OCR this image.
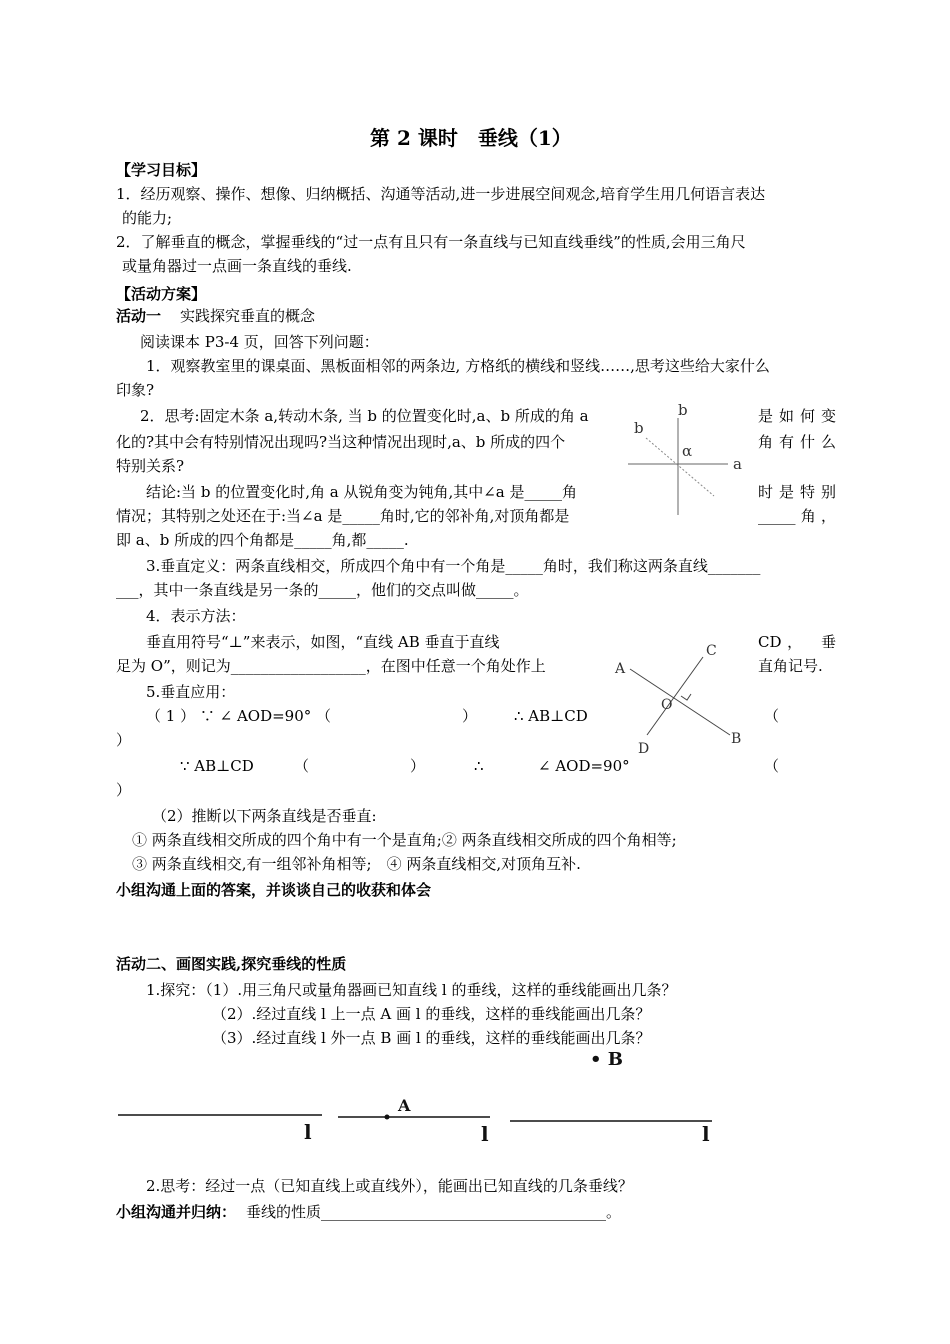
第 2 课时　垂线（1）
【学习目标】
1．经历观察、操作、想像、归纳概括、沟通等活动,进一步进展空间观念,培育学生用几何语言表达
的能力;
2．了解垂直的概念，掌握垂线的“过一点有且只有一条直线与已知直线垂线”的性质,会用三角尺
或量角器过一点画一条直线的垂线.
【活动方案】
活动一 实践探究垂直的概念
阅读课本 P3-4 页，回答下列问题：
1．观察教室里的课桌面、黑板面相邻的两条边, 方格纸的横线和竖线……,思考这些给大家什么
印象?
2．思考:固定木条 a,转动木条, 当 b 的位置变化时,a、b 所成的角 a
化的?其中会有特别情况出现吗?当这种情况出现时,a、b 所成的四个
特别关系?
是如何变
角有什么
结论:当 b 的位置变化时,角 a 从锐角变为钝角,其中∠a 是_____角
情况；其特别之处还在于:当∠a 是_____角时,它的邻补角,对顶角都是
即 a、b 所成的四个角都是_____角,都_____.
时是特别
_____角，
b
b
α
a
3.垂直定义：两条直线相交，所成四个角中有一个角是_____角时，我们称这两条直线_______
___，其中一条直线是另一条的_____，他们的交点叫做_____。
4．表示方法：
垂直用符号“⊥”来表示，如图，“直线 AB 垂直于直线
足为 O”，则记为__________________，在图中任意一个角处作上
CD，　垂
直角记号.
A
C
O
B
D
5.垂直应用：
（ 1 ） ∵ ∠ AOD=90° （	） ∴ AB⊥CD	（
）
∵ AB⊥CD	（	）	∴	∠ AOD=90°	（
）
（2）推断以下两条直线是否垂直:
① 两条直线相交所成的四个角中有一个是直角;② 两条直线相交所成的四个角相等;
③ 两条直线相交,有一组邻补角相等;　④ 两条直线相交,对顶角互补.
小组沟通上面的答案，并谈谈自己的收获和体会
活动二、画图实践,探究垂线的性质
1.探究：（1）.用三角尺或量角器画已知直线 l 的垂线，这样的垂线能画出几条？
（2）.经过直线 l 上一点 A 画 l 的垂线，这样的垂线能画出几条？
（3）.经过直线 l 外一点 B 画 l 的垂线，这样的垂线能画出几条？
l
A
l
• B
l
2.思考：经过一点（已知直线上或直线外），能画出已知直线的几条垂线？
小组沟通并归纳： 垂线的性质______________________________________。
